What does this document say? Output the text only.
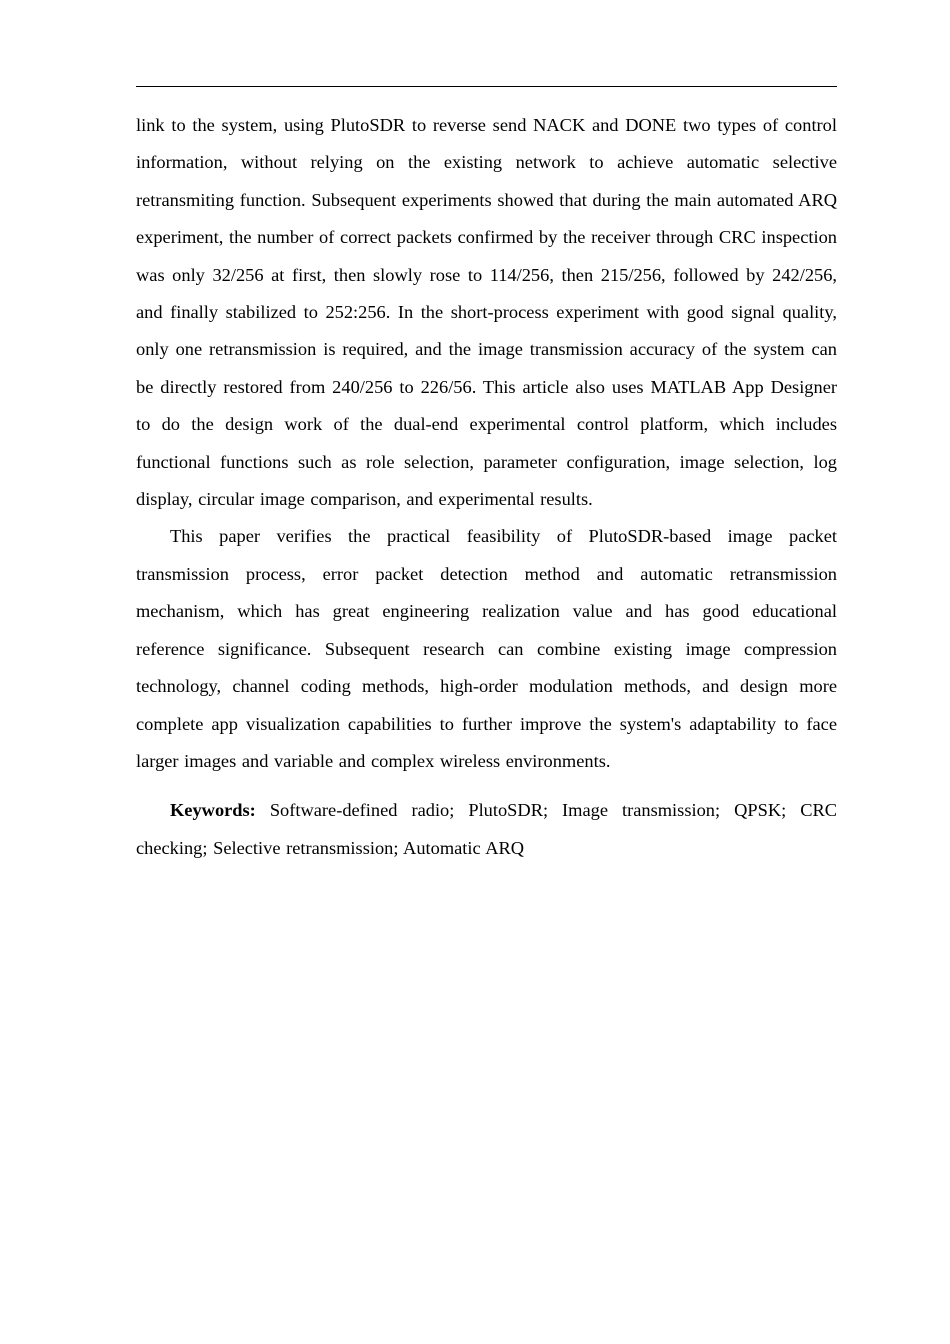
link to the system, using PlutoSDR to reverse send NACK and DONE two types of control information, without relying on the existing network to achieve automatic selective retransmiting function. Subsequent experiments showed that during the main automated ARQ experiment, the number of correct packets confirmed by the receiver through CRC inspection was only 32/256 at first, then slowly rose to 114/256, then 215/256, followed by 242/256, and finally stabilized to 252:256. In the short-process experiment with good signal quality, only one retransmission is required, and the image transmission accuracy of the system can be directly restored from 240/256 to 226/56. This article also uses MATLAB App Designer to do the design work of the dual-end experimental control platform, which includes functional functions such as role selection, parameter configuration, image selection, log display, circular image comparison, and experimental results.

This paper verifies the practical feasibility of PlutoSDR-based image packet transmission process, error packet detection method and automatic retransmission mechanism, which has great engineering realization value and has good educational reference significance. Subsequent research can combine existing image compression technology, channel coding methods, high-order modulation methods, and design more complete app visualization capabilities to further improve the system's adaptability to face larger images and variable and complex wireless environments.

Keywords: Software-defined radio; PlutoSDR; Image transmission; QPSK; CRC checking; Selective retransmission; Automatic ARQ
